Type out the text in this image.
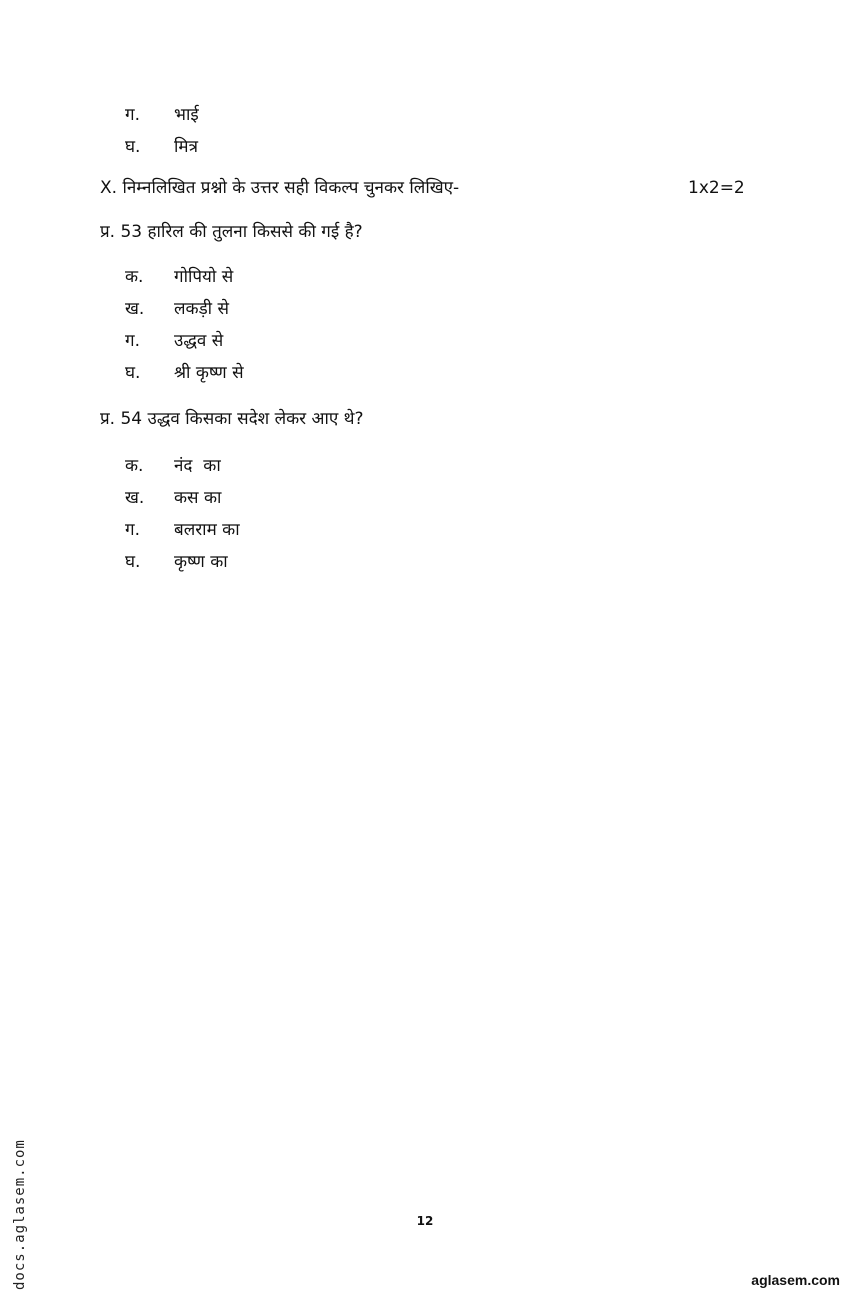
ग. भाई
घ. मित्र
X. निम्नलिखित प्रश्नो के उत्तर सही विकल्प चुनकर लिखिए-	1x2=2
प्र. 53 हारिल की तुलना किससे की गई है?
क. गोपियो से
ख. लकड़ी से
ग. उद्धव से
घ. श्री कृष्ण से
प्र. 54 उद्धव किसका सदेश लेकर आए थे?
क. नंद  का
ख. कस का
ग. बलराम का
घ. कृष्ण का
12
docs.aglasem.com	aglasem.com
